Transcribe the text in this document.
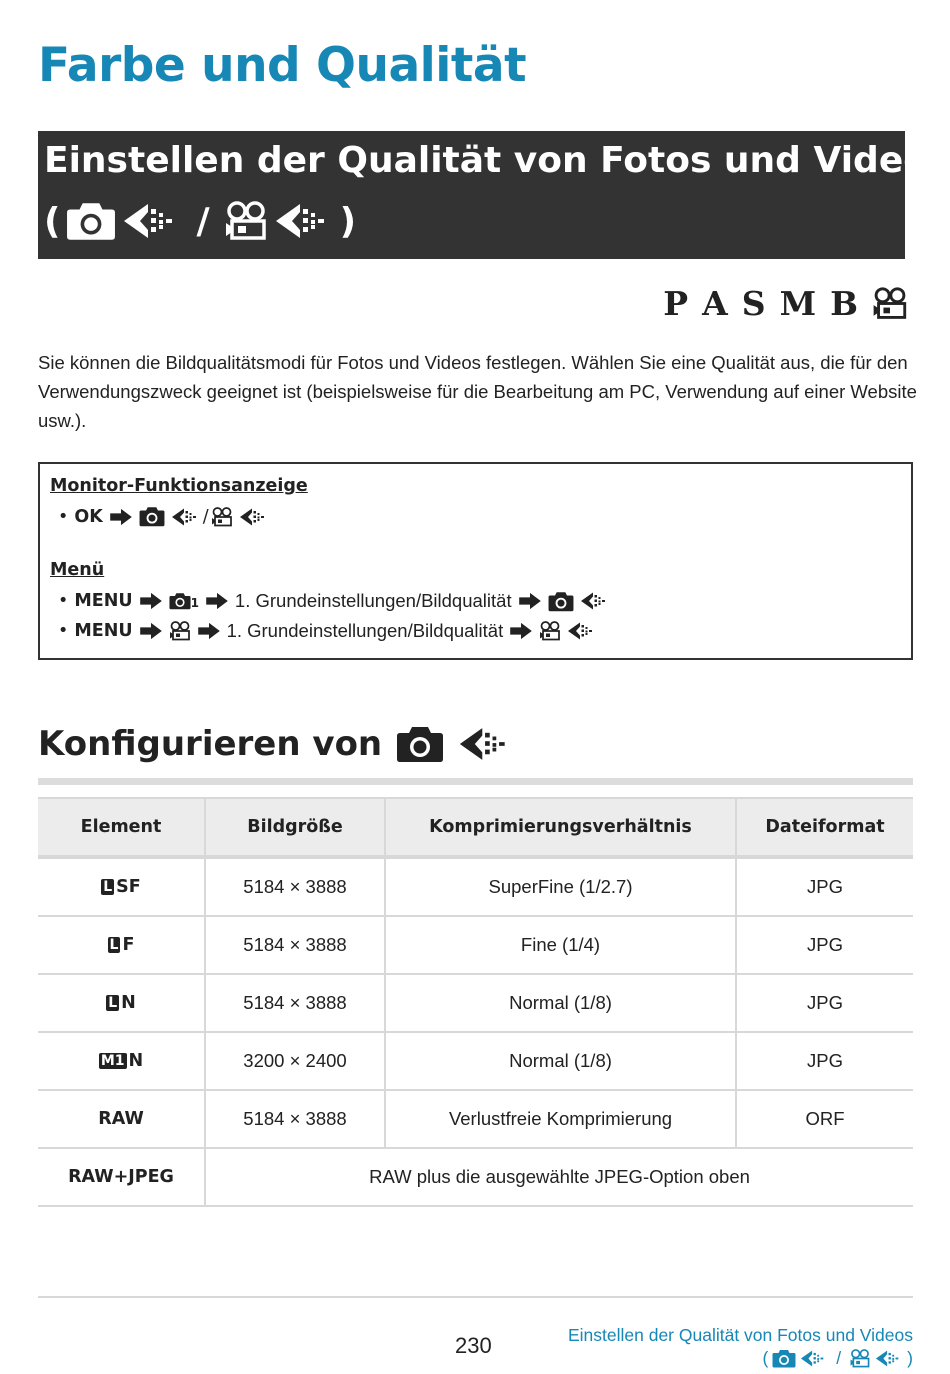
Farbe und Qualität
Einstellen der Qualität von Fotos und Videos
(	/	)
P A S M B

Sie können die Bildqualitätsmodi für Fotos und Videos festlegen. Wählen Sie eine Qualität aus, die für den Verwendungszweck geeignet ist (beispielsweise für die Bearbeitung am PC, Verwendung auf einer Website usw.).

Monitor-Funktionsanzeige
• OK	/
Menü
• MENU	1 1. Grundeinstellungen/Bildqualität
• MENU	1. Grundeinstellungen/Bildqualität
Konfigurieren von
Element	Bildgröße	Komprimierungsverhältnis	Dateiformat
L SF	5184 × 3888	SuperFine (1/2.7)	JPG
L F	5184 × 3888	Fine (1/4)	JPG
L N	5184 × 3888	Normal (1/8)	JPG
M1 N	3200 × 2400	Normal (1/8)	JPG
RAW	5184 × 3888	Verlustfreie Komprimierung	ORF
RAW+JPEG	RAW plus die ausgewählte JPEG-Option oben		
230	Einstellen der Qualität von Fotos und Videos
(	/	)
